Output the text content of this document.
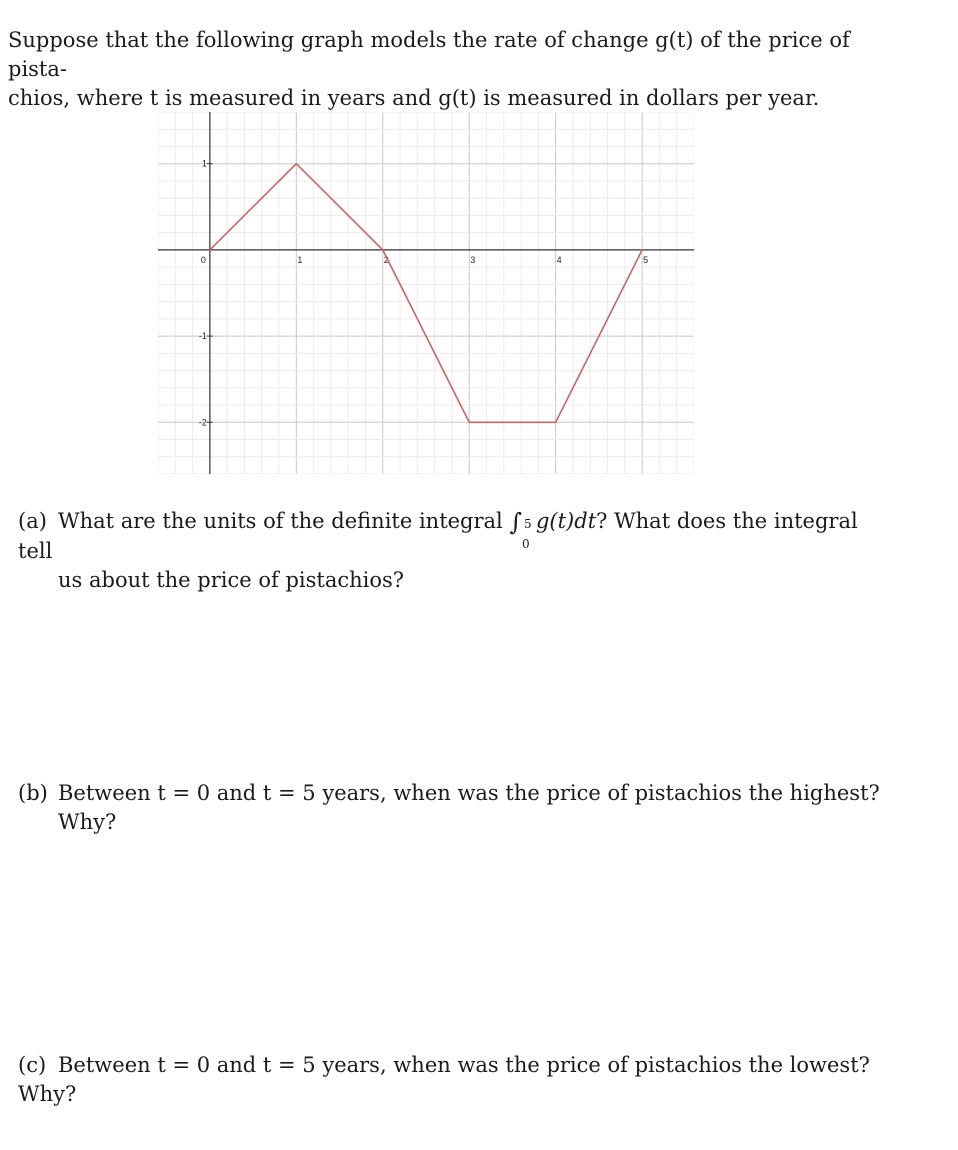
Suppose that the following graph models the rate of change g(t) of the price of pista-

chios, where t is measured in years and g(t) is measured in dollars per year.

0	1	2	3	4	5
1
-1
-2

(a) What are the units of the definite integral ∫ 5
0
g(t)dt? What does the integral tell

us about the price of pistachios?

(b) Between t = 0 and t = 5 years, when was the price of pistachios the highest?

Why?

(c) Between t = 0 and t = 5 years, when was the price of pistachios the lowest? Why?
